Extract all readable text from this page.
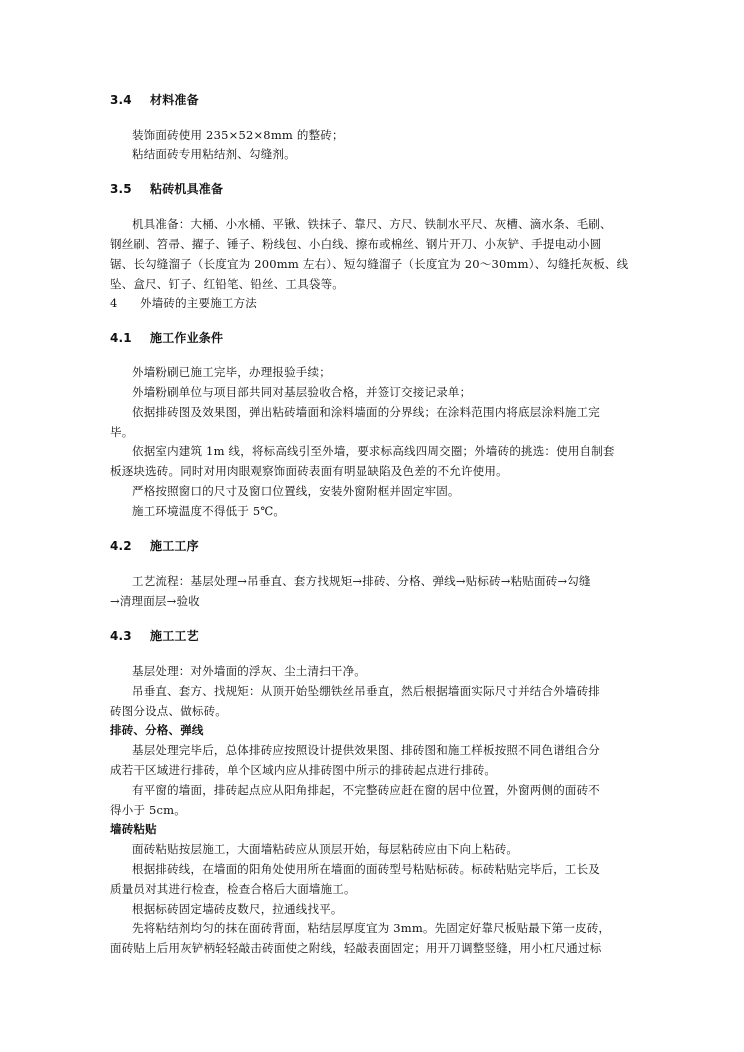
3.4 材料准备
装饰面砖使用 235×52×8mm 的整砖；
粘结面砖专用粘结剂、勾缝剂。
3.5 粘砖机具准备
机具准备：大桶、小水桶、平锹、铁抹子、靠尺、方尺、铁制水平尺、灰槽、滴水条、毛刷、
钢丝刷、笤帚、擢子、锤子、粉线包、小白线、擦布或棉丝、钢片开刀、小灰铲、手提电动小圆
锯、长勾缝溜子（长度宜为 200mm 左右）、短勾缝溜子（长度宜为 20～30mm）、勾缝托灰板、线
坠、盒尺、钉子、红铅笔、铅丝、工具袋等。
4 外墙砖的主要施工方法
4.1 施工作业条件
外墙粉刷已施工完毕，办理报验手续；
外墙粉刷单位与项目部共同对基层验收合格，并签订交接记录单；
依据排砖图及效果图，弹出粘砖墙面和涂料墙面的分界线；在涂料范围内将底层涂料施工完
毕。
依据室内建筑 1m 线，将标高线引至外墙，要求标高线四周交圈；外墙砖的挑选：使用自制套
板逐块选砖。同时对用肉眼观察饰面砖表面有明显缺陷及色差的不允许使用。
严格按照窗口的尺寸及窗口位置线，安装外窗附框并固定牢固。
施工环境温度不得低于 5℃。
4.2 施工工序
工艺流程：基层处理→吊垂直、套方找规矩→排砖、分格、弹线→贴标砖→粘贴面砖→勾缝
→清理面层→验收
4.3 施工工艺
基层处理：对外墙面的浮灰、尘土清扫干净。
吊垂直、套方、找规矩：从顶开始坠绷铁丝吊垂直，然后根据墙面实际尺寸并结合外墙砖排
砖图分设点、做标砖。
排砖、分格、弹线
基层处理完毕后，总体排砖应按照设计提供效果图、排砖图和施工样板按照不同色谱组合分
成若干区域进行排砖，单个区域内应从排砖图中所示的排砖起点进行排砖。
有平窗的墙面，排砖起点应从阳角排起，不完整砖应赶在窗的居中位置，外窗两侧的面砖不
得小于 5cm。
墙砖粘贴
面砖粘贴按层施工，大面墙粘砖应从顶层开始，每层粘砖应由下向上粘砖。
根据排砖线，在墙面的阳角处使用所在墙面的面砖型号粘贴标砖。标砖粘贴完毕后，工长及
质量员对其进行检查，检查合格后大面墙施工。
根据标砖固定墙砖皮数尺，拉通线找平。
先将粘结剂均匀的抹在面砖背面，粘结层厚度宜为 3mm。先固定好靠尺板贴最下第一皮砖，
面砖贴上后用灰铲柄轻轻敲击砖面使之附线，轻敲表面固定；用开刀调整竖缝，用小杠尺通过标
